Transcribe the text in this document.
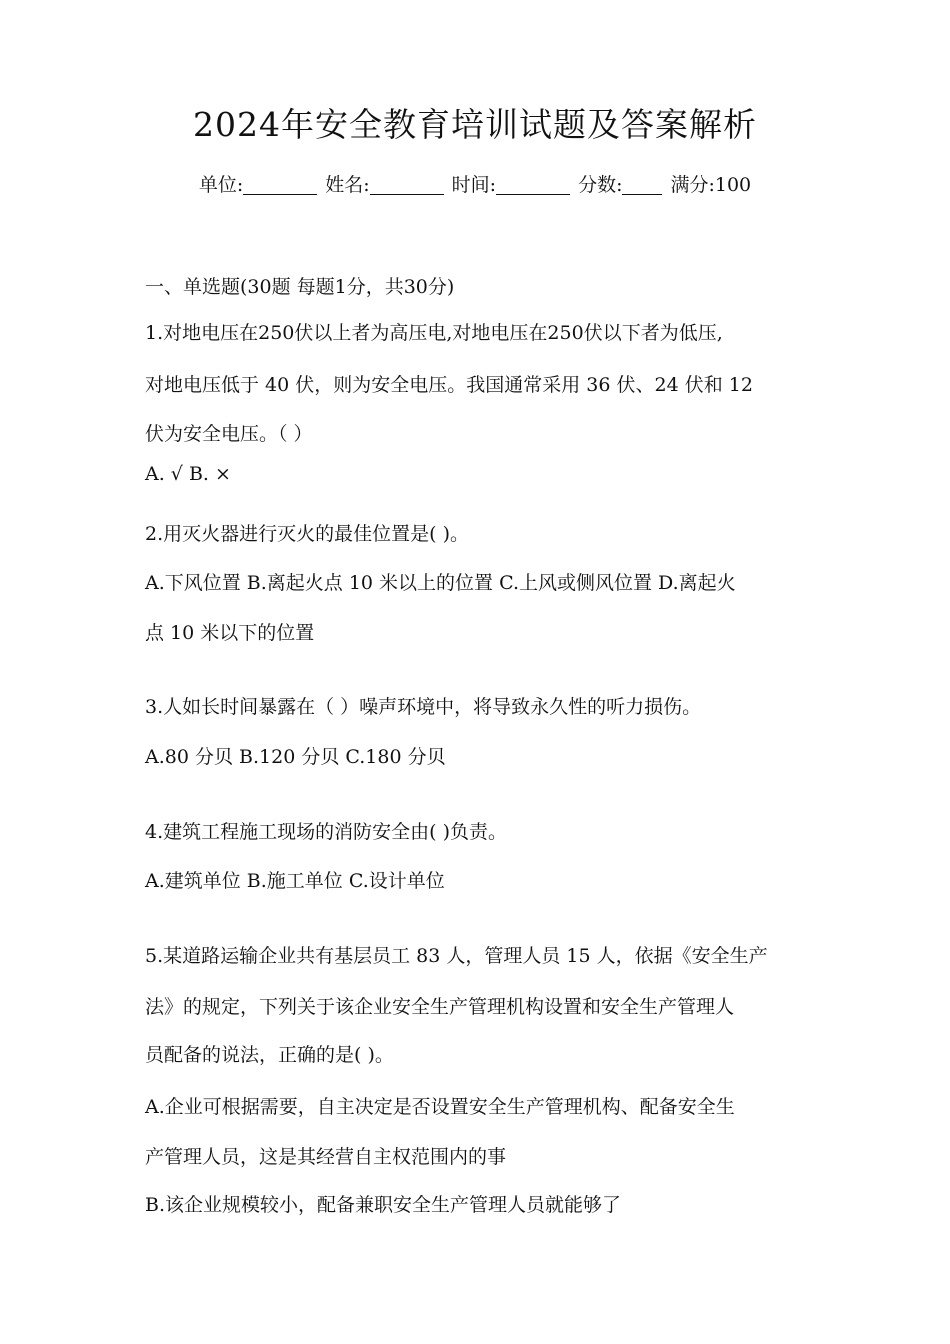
2024年安全教育培训试题及答案解析
单位:	姓名:	时间:	分数:	满分:100
一、单选题(30题 每题1分，共30分)
1.对地电压在250伏以上者为高压电,对地电压在250伏以下者为低压,
对地电压低于 40 伏，则为安全电压。我国通常采用 36 伏、24 伏和 12
伏为安全电压。（ ）
A. √ B. ×
2.用灭火器进行灭火的最佳位置是( )。
A.下风位置 B.离起火点 10 米以上的位置 C.上风或侧风位置 D.离起火
点 10 米以下的位置
3.人如长时间暴露在（ ）噪声环境中，将导致永久性的听力损伤。
A.80 分贝 B.120 分贝 C.180 分贝
4.建筑工程施工现场的消防安全由( )负责。
A.建筑单位 B.施工单位 C.设计单位
5.某道路运输企业共有基层员工 83 人，管理人员 15 人，依据《安全生产
法》的规定，下列关于该企业安全生产管理机构设置和安全生产管理人
员配备的说法，正确的是( )。
A.企业可根据需要，自主决定是否设置安全生产管理机构、配备安全生
产管理人员，这是其经营自主权范围内的事
B.该企业规模较小，配备兼职安全生产管理人员就能够了
